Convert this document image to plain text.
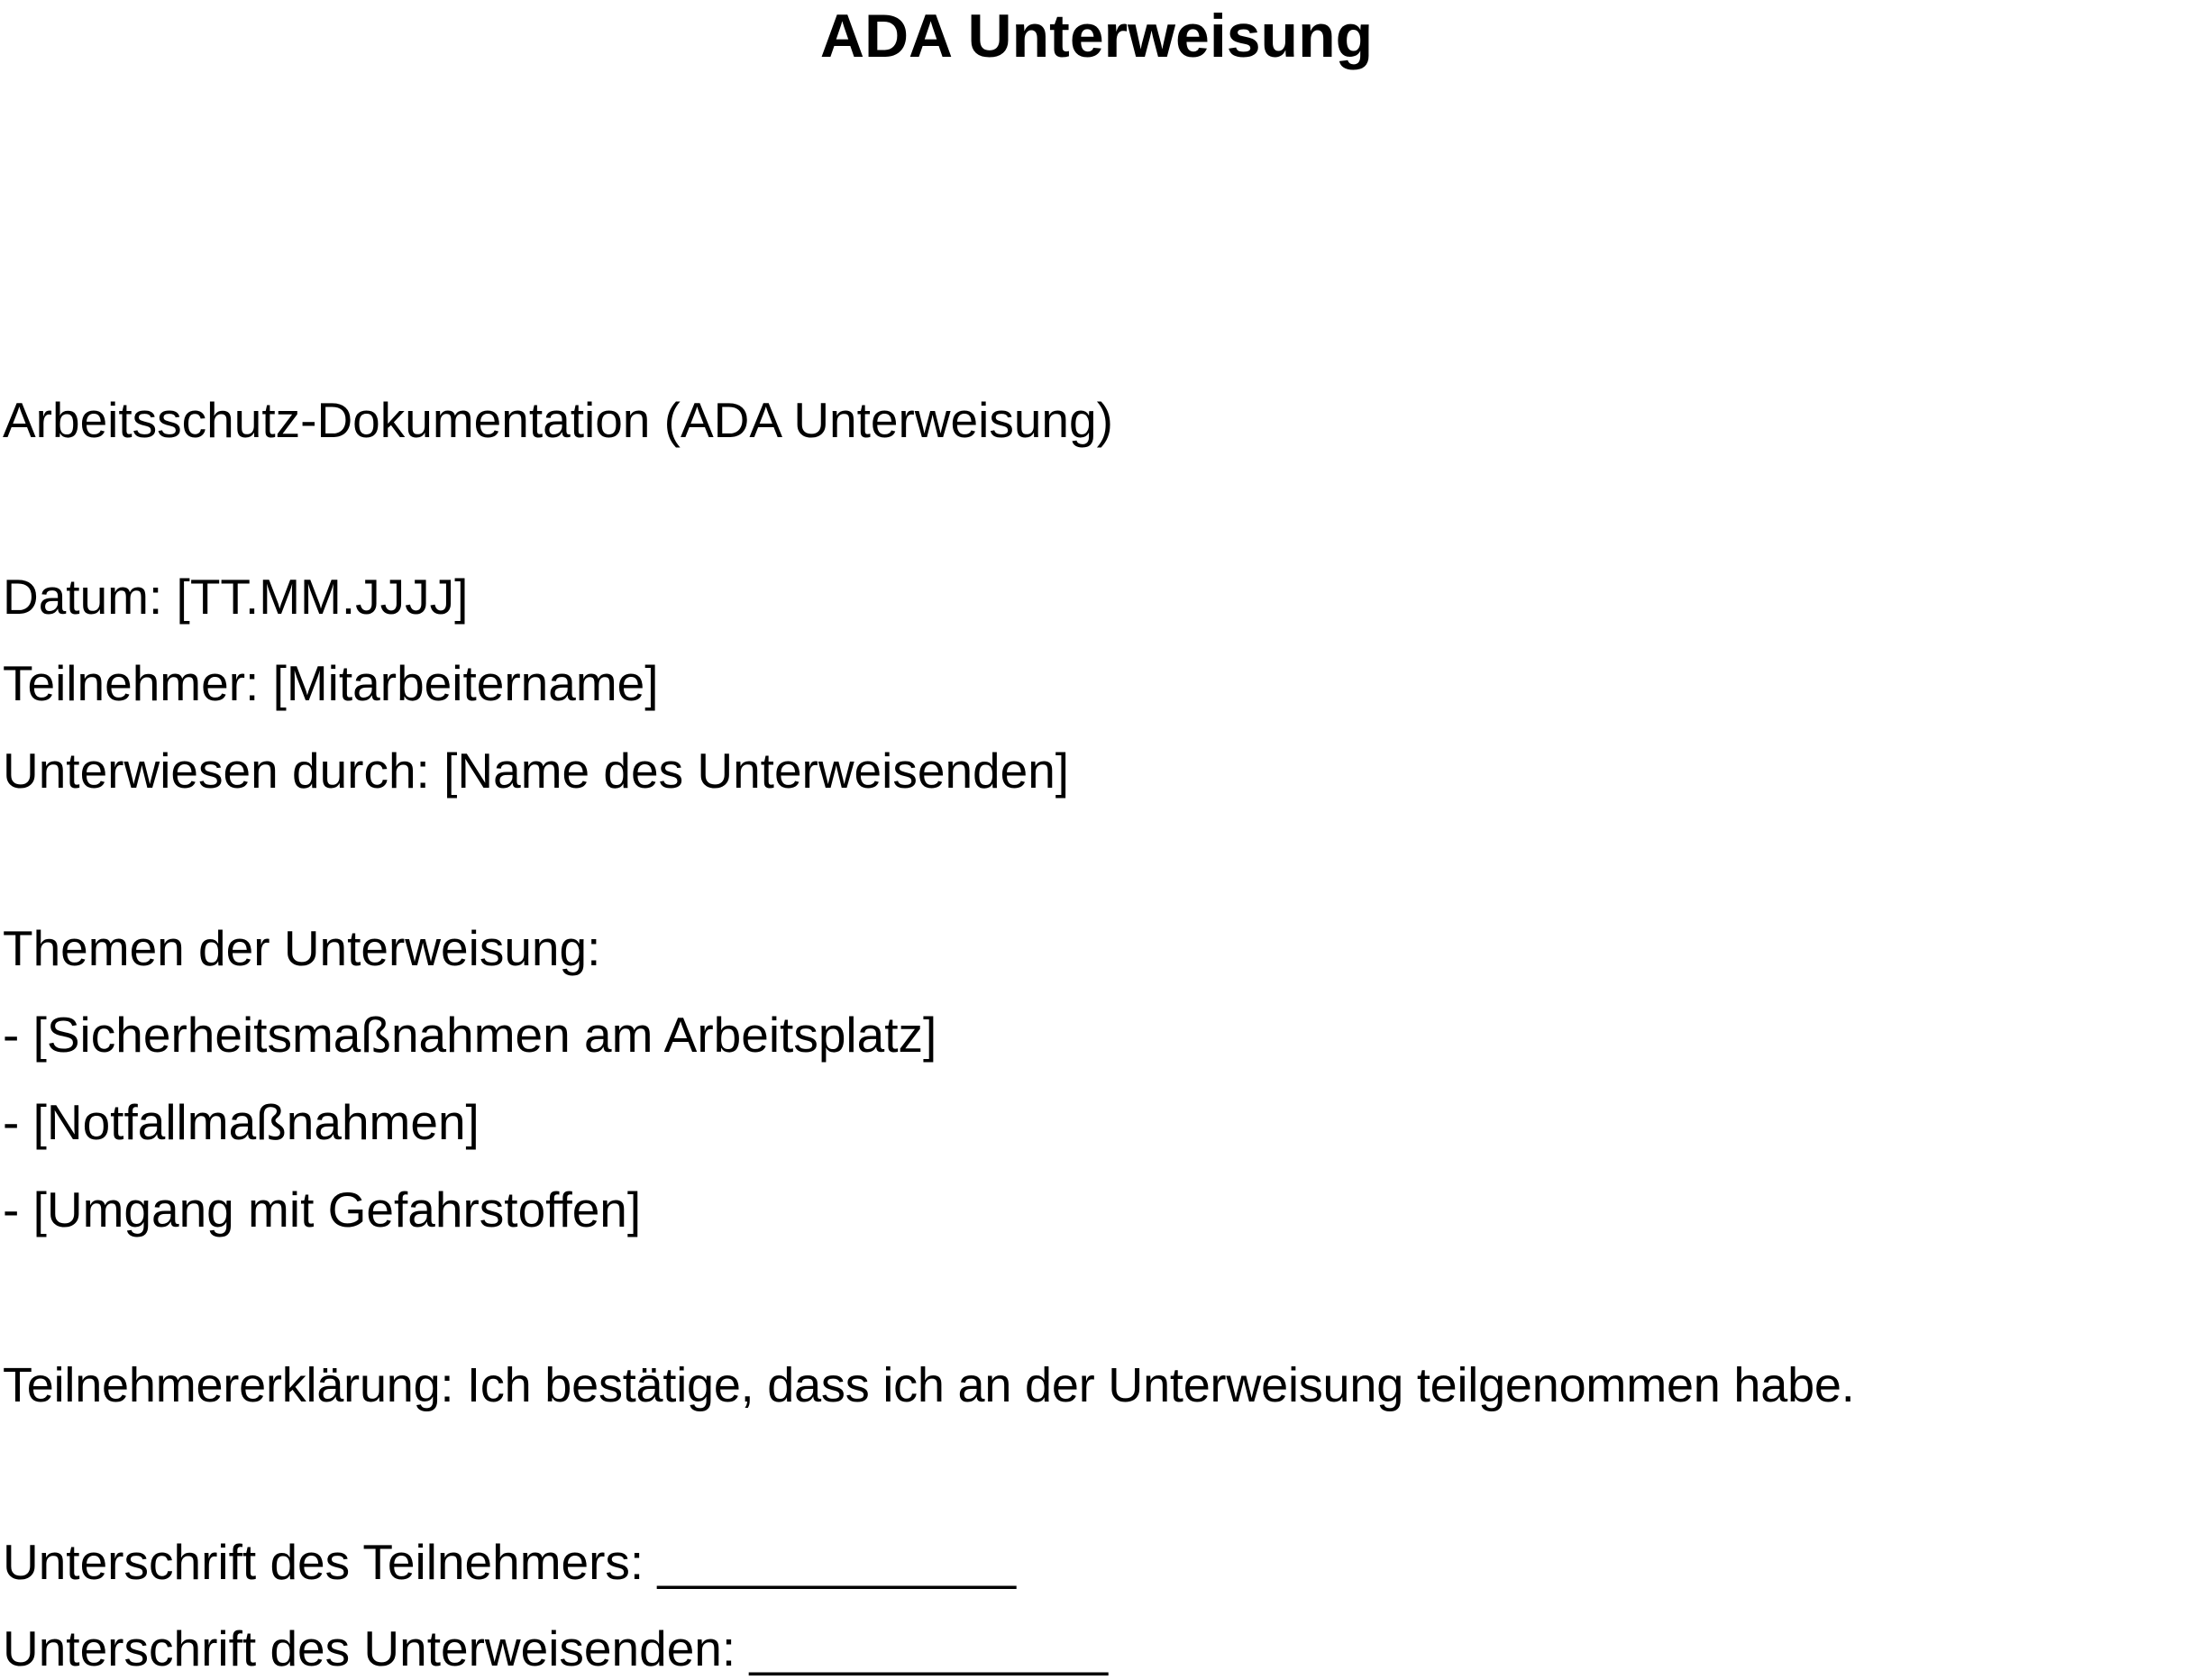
ADA Unterweisung
Arbeitsschutz-Dokumentation (ADA Unterweisung)
Datum: [TT.MM.JJJJ]
Teilnehmer: [Mitarbeitername]
Unterwiesen durch: [Name des Unterweisenden]
Themen der Unterweisung:
- [Sicherheitsmaßnahmen am Arbeitsplatz]
- [Notfallmaßnahmen]
- [Umgang mit Gefahrstoffen]
Teilnehmererklärung: Ich bestätige, dass ich an der Unterweisung teilgenommen habe.
Unterschrift des Teilnehmers: _____________
Unterschrift des Unterweisenden: _____________
